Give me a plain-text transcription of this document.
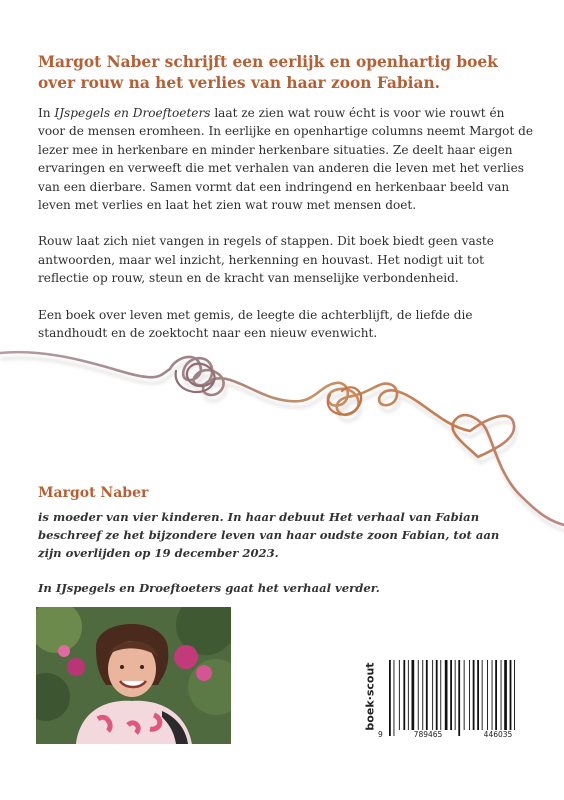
Margot Naber schrijft een eerlijk en openhartig boek over rouw na het verlies van haar zoon Fabian.

In IJspegels en Droeftoeters laat ze zien wat rouw écht is voor wie rouwt én voor de mensen eromheen. In eerlijke en openhartige columns neemt Margot de lezer mee in herkenbare en minder herkenbare situaties. Ze deelt haar eigen ervaringen en verweeft die met verhalen van anderen die leven met het verlies van een dierbare. Samen vormt dat een indringend en herkenbaar beeld van leven met verlies en laat het zien wat rouw met mensen doet.

Rouw laat zich niet vangen in regels of stappen. Dit boek biedt geen vaste antwoorden, maar wel inzicht, herkenning en houvast. Het nodigt uit tot reflectie op rouw, steun en de kracht van menselijke verbondenheid.

Een boek over leven met gemis, de leegte die achterblijft, de liefde die standhoudt en de zoektocht naar een nieuw evenwicht.

Margot Naber

is moeder van vier kinderen. In haar debuut Het verhaal van Fabian beschreef ze het bijzondere leven van haar oudste zoon Fabian, tot aan zijn overlijden op 19 december 2023.

In IJspegels en Droeftoeters gaat het verhaal verder.

boek·scout
9	789465	446035
